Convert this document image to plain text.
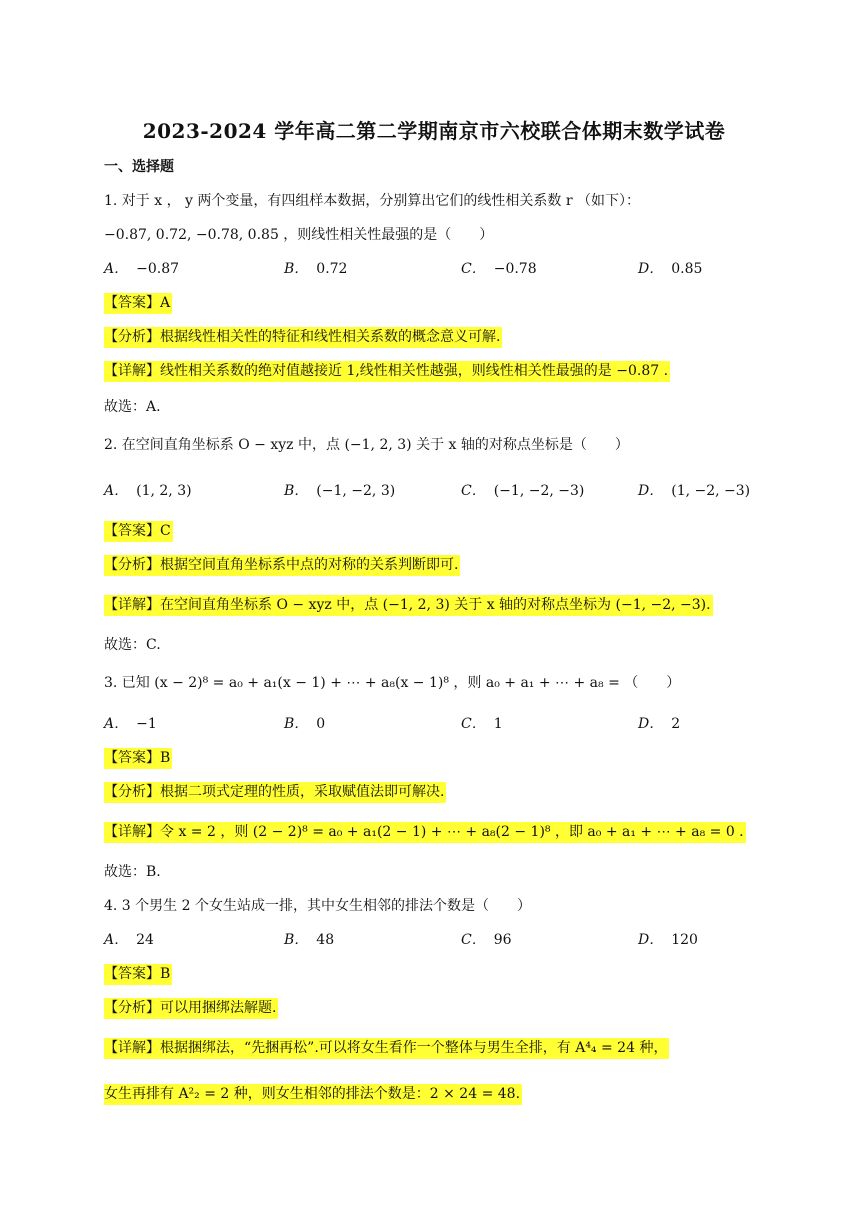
2023-2024 学年高二第二学期南京市六校联合体期末数学试卷
一、选择题
1. 对于 x ， y 两个变量，有四组样本数据，分别算出它们的线性相关系数 r （如下）：
−0.87, 0.72, −0.78, 0.85 ，则线性相关性最强的是（　　）
A． −0.87	B． 0.72	C． −0.78	D． 0.85
【答案】A
【分析】根据线性相关性的特征和线性相关系数的概念意义可解.
【详解】线性相关系数的绝对值越接近 1,线性相关性越强，则线性相关性最强的是 −0.87 .
故选：A.
2. 在空间直角坐标系 O − xyz 中，点 (−1, 2, 3) 关于 x 轴的对称点坐标是（　　）
A． (1, 2, 3)	B． (−1, −2, 3)	C． (−1, −2, −3)	D． (1, −2, −3)
【答案】C
【分析】根据空间直角坐标系中点的对称的关系判断即可.
【详解】在空间直角坐标系 O − xyz 中，点 (−1, 2, 3) 关于 x 轴的对称点坐标为 (−1, −2, −3).
故选：C.
3. 已知 (x − 2)⁸ = a₀ + a₁(x − 1) + ⋯ + a₈(x − 1)⁸ ，则 a₀ + a₁ + ⋯ + a₈ = （　　）
A． −1	B． 0	C． 1	D． 2
【答案】B
【分析】根据二项式定理的性质，采取赋值法即可解决.
【详解】令 x = 2 ，则 (2 − 2)⁸ = a₀ + a₁(2 − 1) + ⋯ + a₈(2 − 1)⁸ ，即 a₀ + a₁ + ⋯ + a₈ = 0 .
故选：B.
4. 3 个男生 2 个女生站成一排，其中女生相邻的排法个数是（　　）
A． 24	B． 48	C． 96	D． 120
【答案】B
【分析】可以用捆绑法解题.
【详解】根据捆绑法，“先捆再松”.可以将女生看作一个整体与男生全排，有 A⁴₄ = 24 种，
女生再排有 A²₂ = 2 种，则女生相邻的排法个数是：2 × 24 = 48.
